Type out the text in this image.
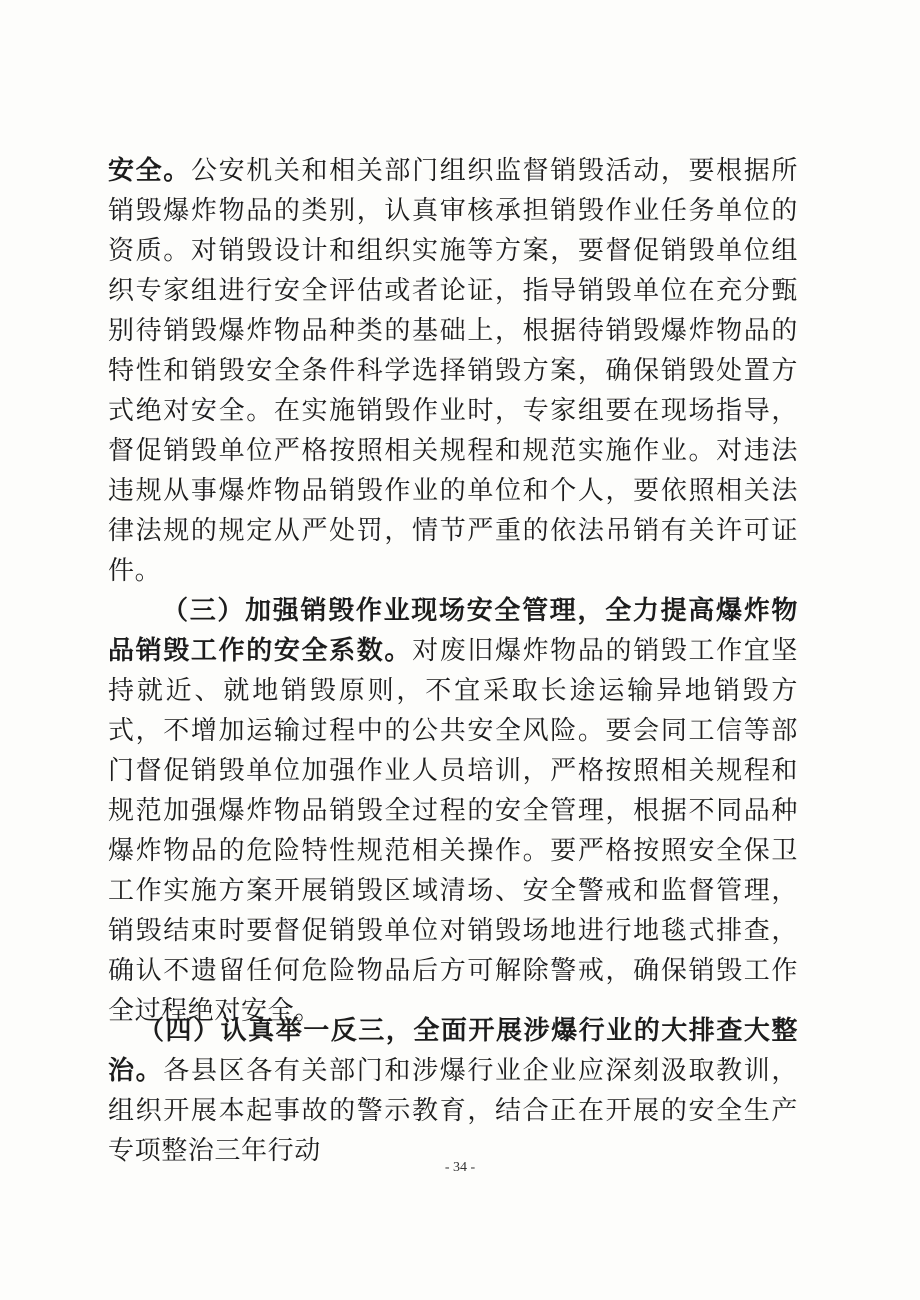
安全。公安机关和相关部门组织监督销毁活动，要根据所销毁爆炸物品的类别，认真审核承担销毁作业任务单位的资质。对销毁设计和组织实施等方案，要督促销毁单位组织专家组进行安全评估或者论证，指导销毁单位在充分甄别待销毁爆炸物品种类的基础上，根据待销毁爆炸物品的特性和销毁安全条件科学选择销毁方案，确保销毁处置方式绝对安全。在实施销毁作业时，专家组要在现场指导，督促销毁单位严格按照相关规程和规范实施作业。对违法违规从事爆炸物品销毁作业的单位和个人，要依照相关法律法规的规定从严处罚，情节严重的依法吊销有关许可证件。

（三）加强销毁作业现场安全管理，全力提高爆炸物品销毁工作的安全系数。对废旧爆炸物品的销毁工作宜坚持就近、就地销毁原则，不宜采取长途运输异地销毁方式，不增加运输过程中的公共安全风险。要会同工信等部门督促销毁单位加强作业人员培训，严格按照相关规程和规范加强爆炸物品销毁全过程的安全管理，根据不同品种爆炸物品的危险特性规范相关操作。要严格按照安全保卫工作实施方案开展销毁区域清场、安全警戒和监督管理，销毁结束时要督促销毁单位对销毁场地进行地毯式排查，确认不遗留任何危险物品后方可解除警戒，确保销毁工作全过程绝对安全。

（四）认真举一反三，全面开展涉爆行业的大排查大整治。各县区各有关部门和涉爆行业企业应深刻汲取教训，组织开展本起事故的警示教育，结合正在开展的安全生产专项整治三年行动

- 34 -
